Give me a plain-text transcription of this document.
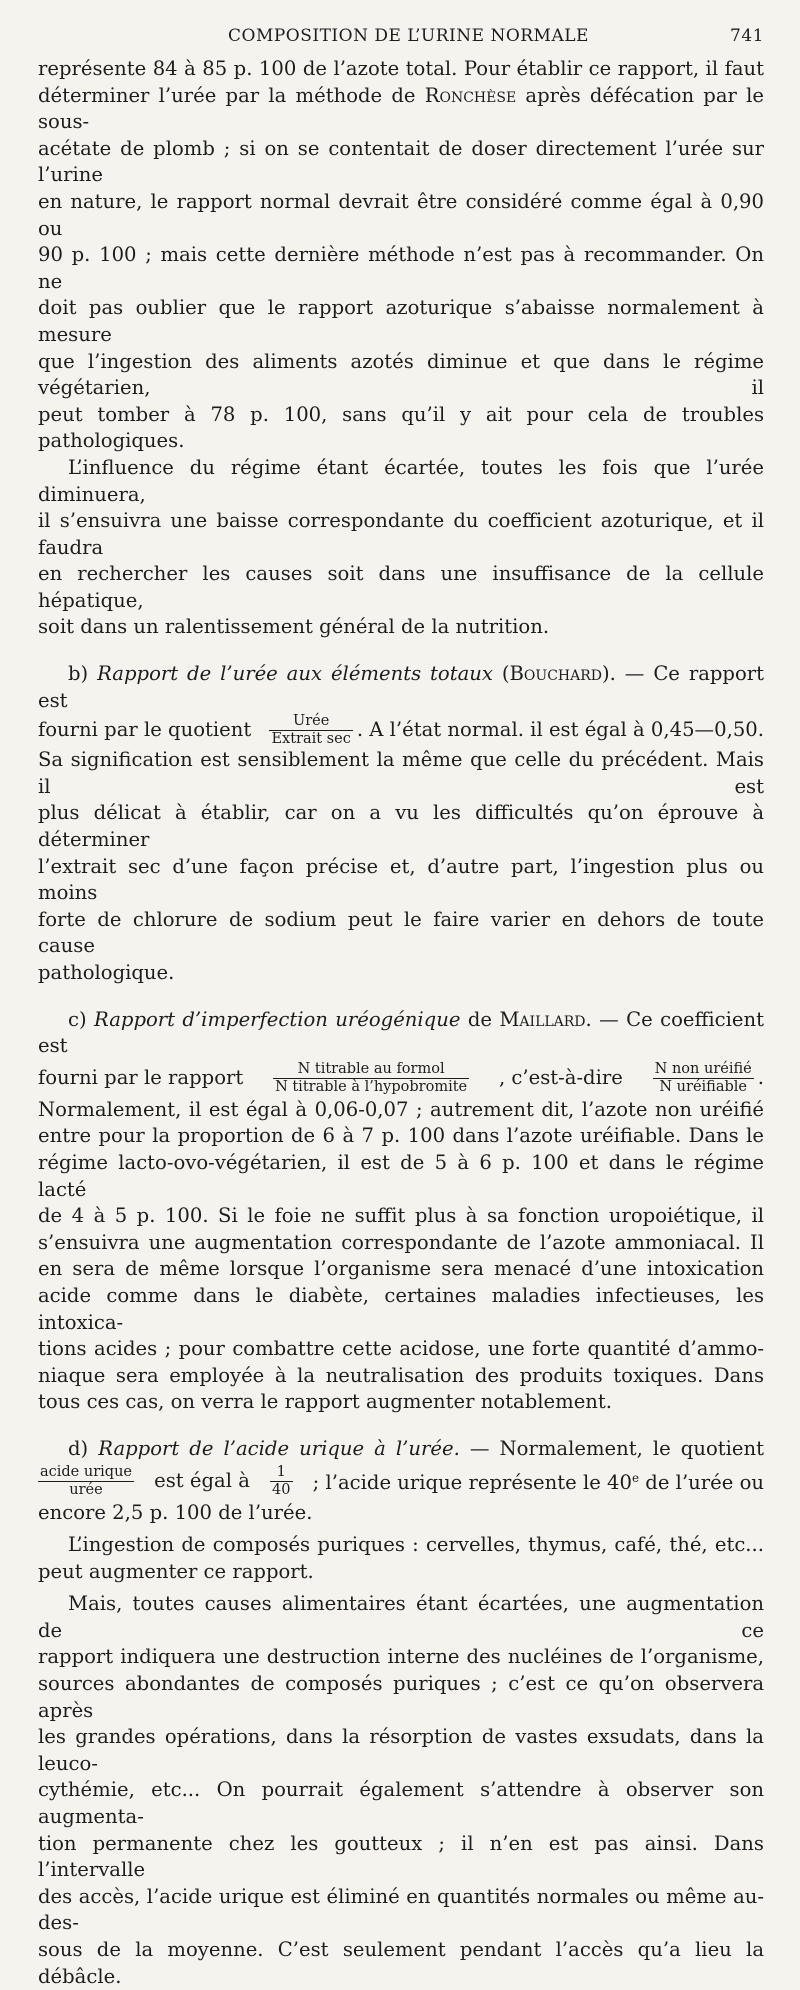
COMPOSITION DE L’URINE NORMALE	741

représente 84 à 85 p. 100 de l’azote total. Pour établir ce rapport, il faut

déterminer l’urée par la méthode de Ronchèse après défécation par le sous-

acétate de plomb ; si on se contentait de doser directement l’urée sur l’urine

en nature, le rapport normal devrait être considéré comme égal à 0,90 ou

90 p. 100 ; mais cette dernière méthode n’est pas à recommander. On ne

doit pas oublier que le rapport azoturique s’abaisse normalement à mesure

que l’ingestion des aliments azotés diminue et que dans le régime végétarien, il

peut tomber à 78 p. 100, sans qu’il y ait pour cela de troubles pathologiques.

L’influence du régime étant écartée, toutes les fois que l’urée diminuera,

il s’ensuivra une baisse correspondante du coefficient azoturique, et il faudra

en rechercher les causes soit dans une insuffisance de la cellule hépatique,

soit dans un ralentissement général de la nutrition.

b) Rapport de l’urée aux éléments totaux (Bouchard). — Ce rapport est

fourni par le quotient $\frac{\text{Urée}}{\text{Extrait sec}}$ . A l’état normal. il est égal à 0,45—0,50.

Sa signification est sensiblement la même que celle du précédent. Mais il est

plus délicat à établir, car on a vu les difficultés qu’on éprouve à déterminer

l’extrait sec d’une façon précise et, d’autre part, l’ingestion plus ou moins

forte de chlorure de sodium peut le faire varier en dehors de toute cause

pathologique.

c) Rapport d’imperfection uréogénique de Maillard. — Ce coefficient est

fourni par le rapport $\frac{\text{N titrable au formol}}{\text{N titrable à l’hypobromite}}$ , c’est-à-dire $\frac{\text{N non uréifié}}{\text{N uréifiable}}$ .

Normalement, il est égal à 0,06-0,07 ; autrement dit, l’azote non uréifié

entre pour la proportion de 6 à 7 p. 100 dans l’azote uréifiable. Dans le

régime lacto-ovo-végétarien, il est de 5 à 6 p. 100 et dans le régime lacté

de 4 à 5 p. 100. Si le foie ne suffit plus à sa fonction uropoiétique, il

s’ensuivra une augmentation correspondante de l’azote ammoniacal. Il

en sera de même lorsque l’organisme sera menacé d’une intoxication

acide comme dans le diabète, certaines maladies infectieuses, les intoxica-

tions acides ; pour combattre cette acidose, une forte quantité d’ammo-

niaque sera employée à la neutralisation des produits toxiques. Dans

tous ces cas, on verra le rapport augmenter notablement.

d) Rapport de l’acide urique à l’urée. — Normalement, le quotient

$\frac{\text{acide urique}}{\text{urée}}$ est égal à $\frac{1}{40}$ ; l’acide urique représente le 40e de l’urée ou

encore 2,5 p. 100 de l’urée.

L’ingestion de composés puriques : cervelles, thymus, café, thé, etc...

peut augmenter ce rapport.

Mais, toutes causes alimentaires étant écartées, une augmentation de ce

rapport indiquera une destruction interne des nucléines de l’organisme,

sources abondantes de composés puriques ; c’est ce qu’on observera après

les grandes opérations, dans la résorption de vastes exsudats, dans la leuco-

cythémie, etc... On pourrait également s’attendre à observer son augmenta-

tion permanente chez les goutteux ; il n’en est pas ainsi. Dans l’intervalle

des accès, l’acide urique est éliminé en quantités normales ou même au-des-

sous de la moyenne. C’est seulement pendant l’accès qu’a lieu la débâcle.
